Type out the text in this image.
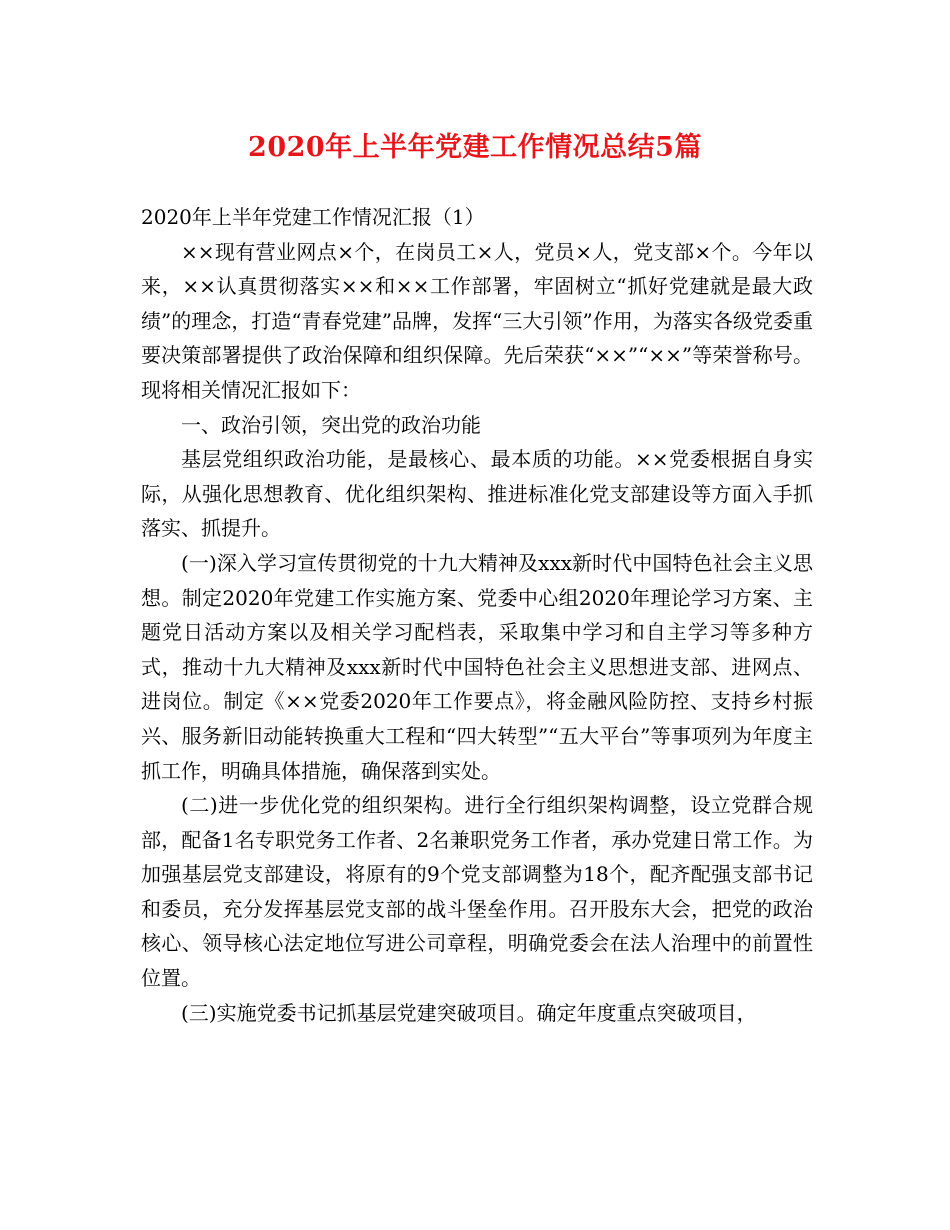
2020年上半年党建工作情况总结5篇

2020年上半年党建工作情况汇报（1）

××现有营业网点×个，在岗员工×人，党员×人，党支部×个。今年以来，××认真贯彻落实××和××工作部署，牢固树立“抓好党建就是最大政绩”的理念，打造“青春党建”品牌，发挥“三大引领”作用，为落实各级党委重要决策部署提供了政治保障和组织保障。先后荣获“××”“××”等荣誉称号。现将相关情况汇报如下：

一、政治引领，突出党的政治功能

基层党组织政治功能，是最核心、最本质的功能。××党委根据自身实际，从强化思想教育、优化组织架构、推进标准化党支部建设等方面入手抓落实、抓提升。

(一)深入学习宣传贯彻党的十九大精神及xxx新时代中国特色社会主义思想。制定2020年党建工作实施方案、党委中心组2020年理论学习方案、主题党日活动方案以及相关学习配档表，采取集中学习和自主学习等多种方式，推动十九大精神及xxx新时代中国特色社会主义思想进支部、进网点、进岗位。制定《××党委2020年工作要点》，将金融风险防控、支持乡村振兴、服务新旧动能转换重大工程和“四大转型”“五大平台”等事项列为年度主抓工作，明确具体措施，确保落到实处。

(二)进一步优化党的组织架构。进行全行组织架构调整，设立党群合规部，配备1名专职党务工作者、2名兼职党务工作者，承办党建日常工作。为加强基层党支部建设，将原有的9个党支部调整为18个，配齐配强支部书记和委员，充分发挥基层党支部的战斗堡垒作用。召开股东大会，把党的政治核心、领导核心法定地位写进公司章程，明确党委会在法人治理中的前置性位置。

(三)实施党委书记抓基层党建突破项目。确定年度重点突破项目，
